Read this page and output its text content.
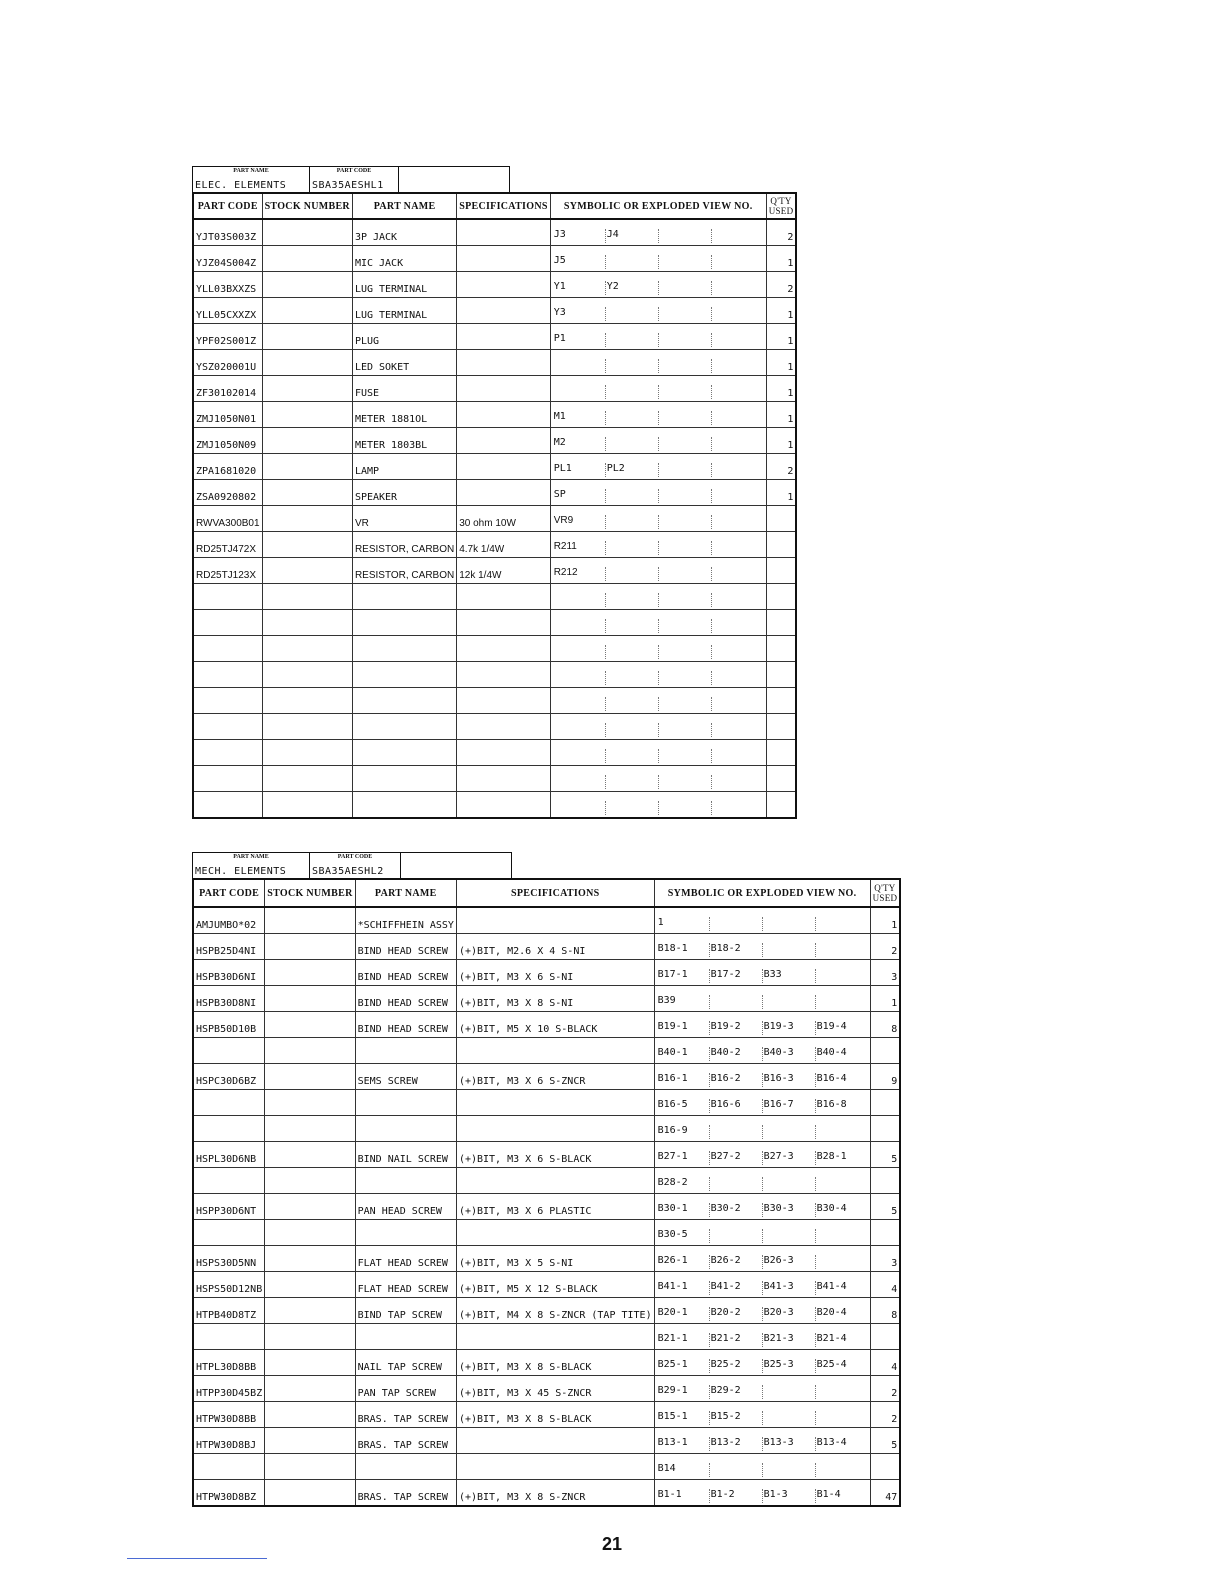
PART NAME
ELEC. ELEMENTS
PART CODE
SBA35AESHL1
PART CODE	STOCK NUMBER	PART NAME	SPECIFICATIONS	SYMBOLIC OR EXPLODED VIEW NO.	Q'TY
USED
YJT03S003Z		3P JACK		J3 J4	2
YJZ04S004Z		MIC JACK		J5	1
YLL03BXXZS		LUG TERMINAL		Y1 Y2	2
YLL05CXXZX		LUG TERMINAL		Y3	1
YPF02S001Z		PLUG		P1	1
YSZ020001U		LED SOKET			1
ZF30102014		FUSE			1
ZMJ1050N01		METER 1881OL		M1	1
ZMJ1050N09		METER 1803BL		M2	1
ZPA1681020		LAMP		PL1 PL2	2
ZSA0920802		SPEAKER		SP	1
RWVA300B01		VR	30 ohm 10W	VR9	

RD25TJ472X		RESISTOR, CARBON	4.7k 1/4W	R211	

RD25TJ123X		RESISTOR, CARBON	12k 1/4W	R212	

PART NAME
MECH. ELEMENTS
PART CODE
SBA35AESHL2
PART CODE	STOCK NUMBER	PART NAME	SPECIFICATIONS	SYMBOLIC OR EXPLODED VIEW NO.	Q'TY
USED
AMJUMBO*02		*SCHIFFHEIN ASSY		1	1
HSPB25D4NI		BIND HEAD SCREW	(+)BIT, M2.6 X 4 S-NI	B18-1 B18-2	2
HSPB30D6NI		BIND HEAD SCREW	(+)BIT, M3 X 6 S-NI	B17-1 B17-2 B33	3
HSPB30D8NI		BIND HEAD SCREW	(+)BIT, M3 X 8 S-NI	B39	1
HSPB50D10B		BIND HEAD SCREW	(+)BIT, M5 X 10 S-BLACK	B19-1 B19-2 B19-3 B19-4	8

				B40-1 B40-2 B40-3 B40-4	

HSPC30D6BZ		SEMS SCREW	(+)BIT, M3 X 6 S-ZNCR	B16-1 B16-2 B16-3 B16-4	9

				B16-5 B16-6 B16-7 B16-8	

				B16-9	

HSPL30D6NB		BIND NAIL SCREW	(+)BIT, M3 X 6 S-BLACK	B27-1 B27-2 B27-3 B28-1	5

				B28-2	

HSPP30D6NT		PAN HEAD SCREW	(+)BIT, M3 X 6 PLASTIC	B30-1 B30-2 B30-3 B30-4	5

				B30-5	

HSPS30D5NN		FLAT HEAD SCREW	(+)BIT, M3 X 5 S-NI	B26-1 B26-2 B26-3	3
HSPS50D12NB		FLAT HEAD SCREW	(+)BIT, M5 X 12 S-BLACK	B41-1 B41-2 B41-3 B41-4	4
HTPB40D8TZ		BIND TAP SCREW	(+)BIT, M4 X 8 S-ZNCR (TAP TITE)	B20-1 B20-2 B20-3 B20-4	8

				B21-1 B21-2 B21-3 B21-4	

HTPL30D8BB		NAIL TAP SCREW	(+)BIT, M3 X 8 S-BLACK	B25-1 B25-2 B25-3 B25-4	4
HTPP30D45BZ		PAN TAP SCREW	(+)BIT, M3 X 45 S-ZNCR	B29-1 B29-2	2
HTPW30D8BB		BRAS. TAP SCREW	(+)BIT, M3 X 8 S-BLACK	B15-1 B15-2	2
HTPW30D8BJ		BRAS. TAP SCREW		B13-1 B13-2 B13-3 B13-4	5

				B14	

HTPW30D8BZ		BRAS. TAP SCREW	(+)BIT, M3 X 8 S-ZNCR	B1-1 B1-2 B1-3 B1-4	47
21
